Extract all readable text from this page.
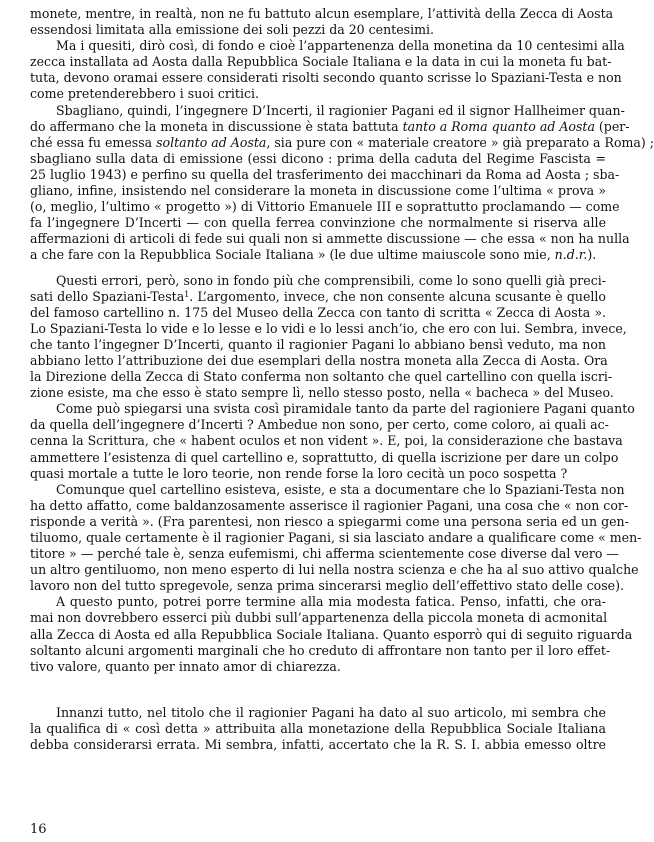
monete, mentre, in realtà, non ne fu battuto alcun esemplare, l’attività della Zecca di Aosta
essendosi limitata alla emissione dei soli pezzi da 20 centesimi.

Ma i quesiti, dirò così, di fondo e cioè l’appartenenza della monetina da 10 centesimi alla
zecca installata ad Aosta dalla Repubblica Sociale Italiana e la data in cui la moneta fu bat-
tuta, devono oramai essere considerati risolti secondo quanto scrisse lo Spaziani-Testa e non
come pretenderebbero i suoi critici.

Sbagliano, quindi, l’ingegnere D’Incerti, il ragionier Pagani ed il signor Hallheimer quan-
do affermano che la moneta in discussione è stata battuta tanto a Roma quanto ad Aosta (per-
ché essa fu emessa soltanto ad Aosta, sia pure con « materiale creatore » già preparato a Roma) ;
sbagliano sulla data di emissione (essi dicono : prima della caduta del Regime Fascista =
25 luglio 1943) e perfino su quella del trasferimento dei macchinari da Roma ad Aosta ; sba-
gliano, infine, insistendo nel considerare la moneta in discussione come l’ultima « prova »
(o, meglio, l’ultimo « progetto ») di Vittorio Emanuele III e soprattutto proclamando — come
fa l’ingegnere D’Incerti — con quella ferrea convinzione che normalmente si riserva alle
affermazioni di articoli di fede sui quali non si ammette discussione — che essa « non ha nulla
a che fare con la Repubblica Sociale Italiana » (le due ultime maiuscole sono mie, n.d.r.).

Questi errori, però, sono in fondo più che comprensibili, come lo sono quelli già preci-
sati dello Spaziani-Testa$^1$. L’argomento, invece, che non consente alcuna scusante è quello
del famoso cartellino n. 175 del Museo della Zecca con tanto di scritta « Zecca di Aosta ».
Lo Spaziani-Testa lo vide e lo lesse e lo vidi e lo lessi anch’io, che ero con lui. Sembra, invece,
che tanto l’ingegner D’Incerti, quanto il ragionier Pagani lo abbiano bensì veduto, ma non
abbiano letto l’attribuzione dei due esemplari della nostra moneta alla Zecca di Aosta. Ora
la Direzione della Zecca di Stato conferma non soltanto che quel cartellino con quella iscri-
zione esiste, ma che esso è stato sempre lì, nello stesso posto, nella « bacheca » del Museo.

Come può spiegarsi una svista così piramidale tanto da parte del ragioniere Pagani quanto
da quella dell’ingegnere d’Incerti ? Ambedue non sono, per certo, come coloro, ai quali ac-
cenna la Scrittura, che « habent oculos et non vident ». E, poi, la considerazione che bastava
ammettere l’esistenza di quel cartellino e, soprattutto, di quella iscrizione per dare un colpo
quasi mortale a tutte le loro teorie, non rende forse la loro cecità un poco sospetta ?

Comunque quel cartellino esisteva, esiste, e sta a documentare che lo Spaziani-Testa non
ha detto affatto, come baldanzosamente asserisce il ragionier Pagani, una cosa che « non cor-
risponde a verità ». (Fra parentesi, non riesco a spiegarmi come una persona seria ed un gen-
tiluomo, quale certamente è il ragionier Pagani, si sia lasciato andare a qualificare come « men-
titore » — perché tale è, senza eufemismi, chi afferma scientemente cose diverse dal vero —
un altro gentiluomo, non meno esperto di lui nella nostra scienza e che ha al suo attivo qualche
lavoro non del tutto spregevole, senza prima sincerarsi meglio dell’effettivo stato delle cose).

A questo punto, potrei porre termine alla mia modesta fatica. Penso, infatti, che ora-
mai non dovrebbero esserci più dubbi sull’appartenenza della piccola moneta di acmonital
alla Zecca di Aosta ed alla Repubblica Sociale Italiana. Quanto esporrò qui di seguito riguarda
soltanto alcuni argomenti marginali che ho creduto di affrontare non tanto per il loro effet-
tivo valore, quanto per innato amor di chiarezza.

Innanzi tutto, nel titolo che il ragionier Pagani ha dato al suo articolo, mi sembra che
la qualifica di « così detta » attribuita alla monetazione della Repubblica Sociale Italiana
debba considerarsi errata. Mi sembra, infatti, accertato che la R. S. I. abbia emesso oltre

16
